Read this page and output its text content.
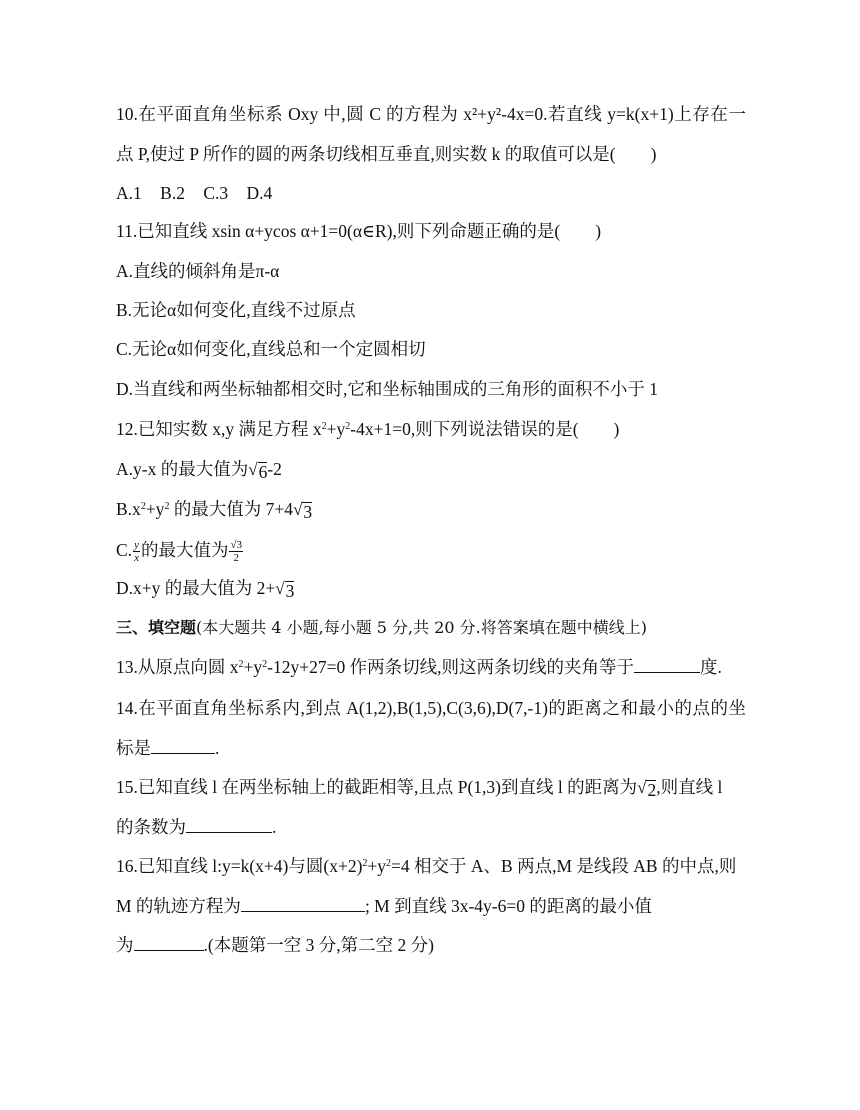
10.在平面直角坐标系 Oxy 中,圆 C 的方程为 x²+y²-4x=0.若直线 y=k(x+1)上存在一
点 P,使过 P 所作的圆的两条切线相互垂直,则实数 k 的取值可以是(　　)
A.1 B.2 C.3 D.4
11.已知直线 xsin α+ycos α+1=0(α∈R),则下列命题正确的是(　　)
A.直线的倾斜角是π-α
B.无论α如何变化,直线不过原点
C.无论α如何变化,直线总和一个定圆相切
D.当直线和两坐标轴都相交时,它和坐标轴围成的三角形的面积不小于 1
12.已知实数 x,y 满足方程 $x^2+y^2-4x+1=0$,则下列说法错误的是(　　)
A.y-x 的最大值为 √ 6 -2
$B.x^2+y^2$ 的最大值为 7+4 √ 3
C. $\frac{y}{x}$ 的最大值为 $\frac{√3}{2}$
D.x+y 的最大值为 2+ √ 3
三、填空题(本大题共 4 小题,每小题 5 分,共 20 分.将答案填在题中横线上)
13.从原点向圆 $x^2+y^2-12y+27=0$ 作两条切线,则这两条切线的夹角等于	度.
14.在平面直角坐标系内,到点 A(1,2),B(1,5),C(3,6),D(7,-1)的距离之和最小的点的坐
标是	.
15.已知直线 l 在两坐标轴上的截距相等,且点 P(1,3)到直线 l 的距离为 √ 2 ,则直线 l
的条数为	.
16.已知直线 l:y=k(x+4)与圆$(x+2)^2+y^2=4$ 相交于 A、B 两点,M 是线段 AB 的中点,则
M 的轨迹方程为	; M 到直线 3x-4y-6=0 的距离的最小值
为	.(本题第一空 3 分,第二空 2 分)
